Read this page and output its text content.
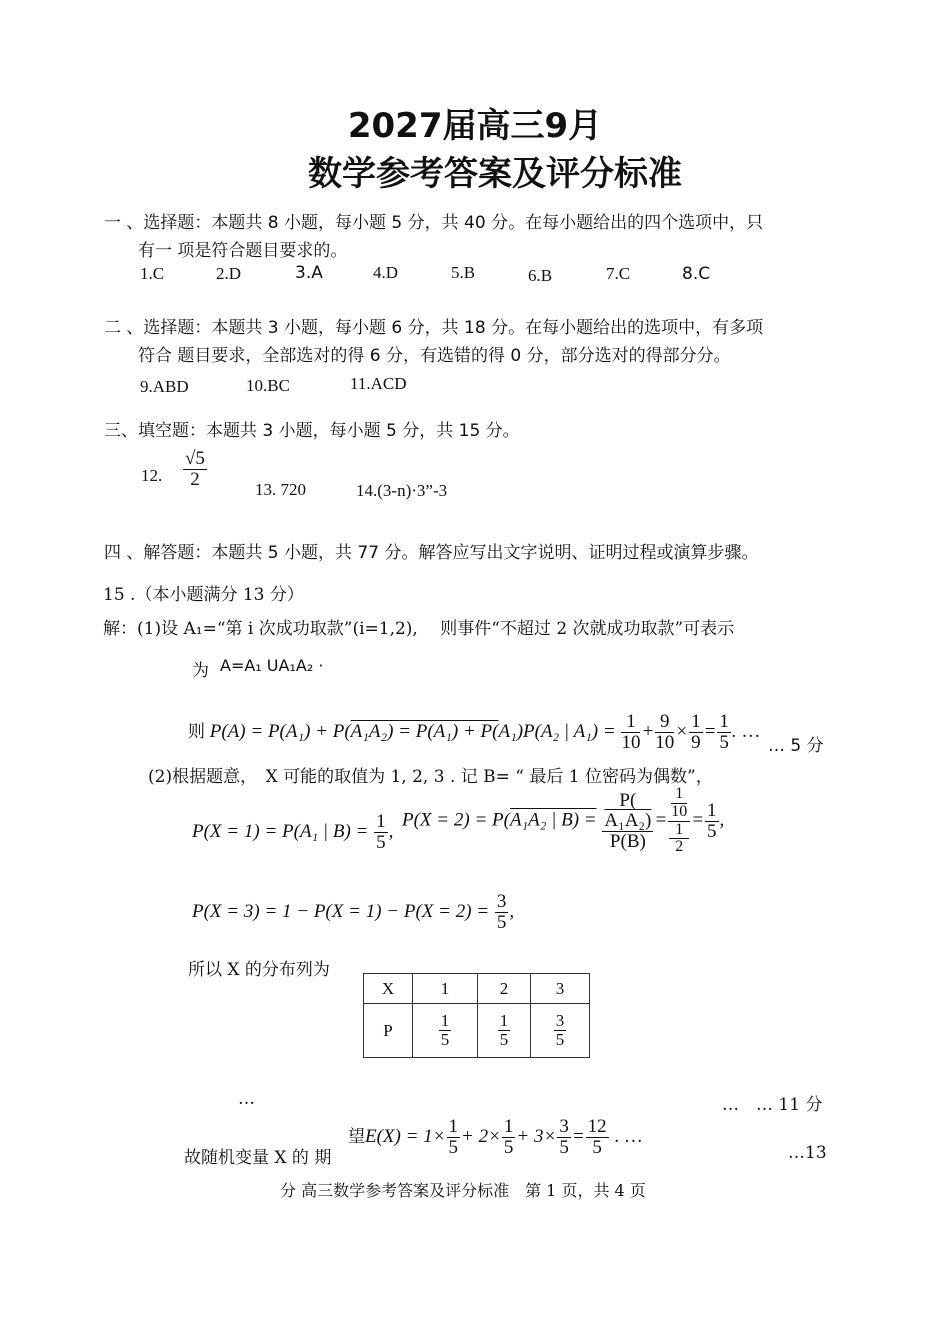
2027届高三9月
数学参考答案及评分标准
一 、选择题：本题共 8 小题，每小题 5 分，共 40 分。在每小题给出的四个选项中，只
有一 项是符合题目要求的。
1.C	2.D	3.A	4.D	5.B	6.B	7.C	8.C
二 、选择题：本题共 3 小题，每小题 6 分，共 18 分。在每小题给出的选项中，有多项
符合 题目要求，全部选对的得 6 分，有选错的得 0 分，部分选对的得部分分。
9.ABD	10.BC	11.ACD
三、填空题：本题共 3 小题，每小题 5 分，共 15 分。
12. $\frac{√5}{2}$	13. 720	14.(3-n)·3”-3
四 、解答题：本题共 5 小题，共 77 分。解答应写出文字说明、证明过程或演算步骤。
15 .（本小题满分 13 分）
解：(1)设 A₁=“第 i 次成功取款”(i=1,2),　 则事件“不超过 2 次就成功取款”可表示
为 A=A₁ UA₁A₂ ·
则 P(A) = P(A₁) + P(A₁A₂) = P(A₁) + P(A₁)P(A₂ | $A_1) = \frac{1}{10} + \frac{9}{10} \times \frac{1}{9} = \frac{1}{5}$ . …
… 5 分
(2)根据题意，　X 可能的取值为 1, 2, 3 . 记 B= “ 最后 1 位密码为偶数”，
P(X = 1) = P(A₁ | $B) = \frac{1}{5}$ ,
P(X = 2) = P(A₁A₂ | B) = P(
A₁A₂)
P(B) = 1
10
1
$2 = \frac{1}{5}$ ,
$P(X = 3) = 1 - P(X = 1) - P(X = 2) = \frac{3}{5}$ ,
所以 X 的分布列为
X	1	2	3
P	$\frac{1}{5}$	$\frac{1}{5}$	$\frac{3}{5}$
…	…　… 11 分
故随机变量 X 的 期
望$E(X) = 1\times \frac{1}{5} + 2\times \frac{1}{5} + 3\times \frac{3}{5} = \frac{12}{5}$ . …
…13
分 高三数学参考答案及评分标准　第 1 页，共 4 页
